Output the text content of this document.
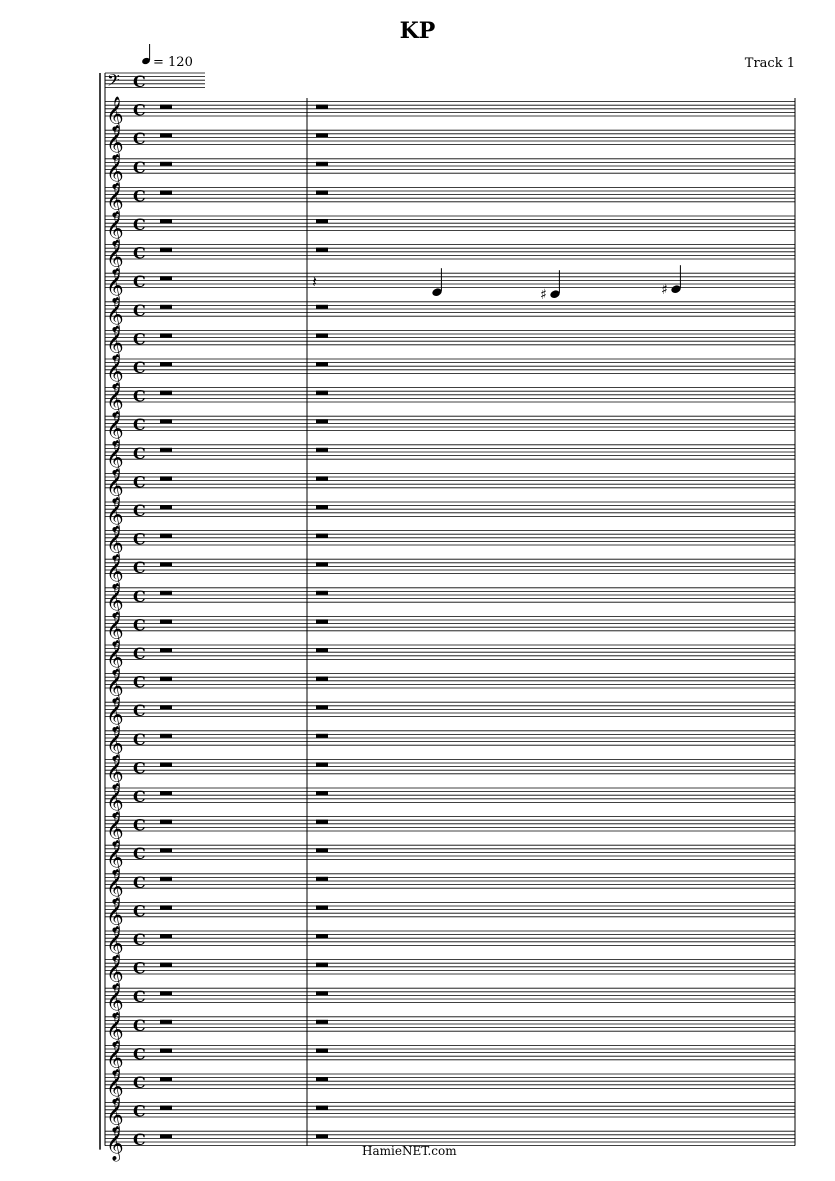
KP
Track 1
𝄢 C
𝄞 C
𝄞 C
𝄞 C
𝄞 C
𝄞 C
𝄞 C
𝄞 C	𝄽
♯	♯
𝄞 C
𝄞 C
𝄞 C
𝄞 C
𝄞 C
𝄞 C
𝄞 C
𝄞 C
𝄞 C
𝄞 C
𝄞 C
𝄞 C
𝄞 C
𝄞 C
𝄞 C
𝄞 C
𝄞 C
𝄞 C
𝄞 C
𝄞 C
𝄞 C
𝄞 C
𝄞 C
𝄞 C
𝄞 C
𝄞 C
𝄞 C
𝄞 C
𝄞 C
𝄞 C
= 120
HamieNET.com
